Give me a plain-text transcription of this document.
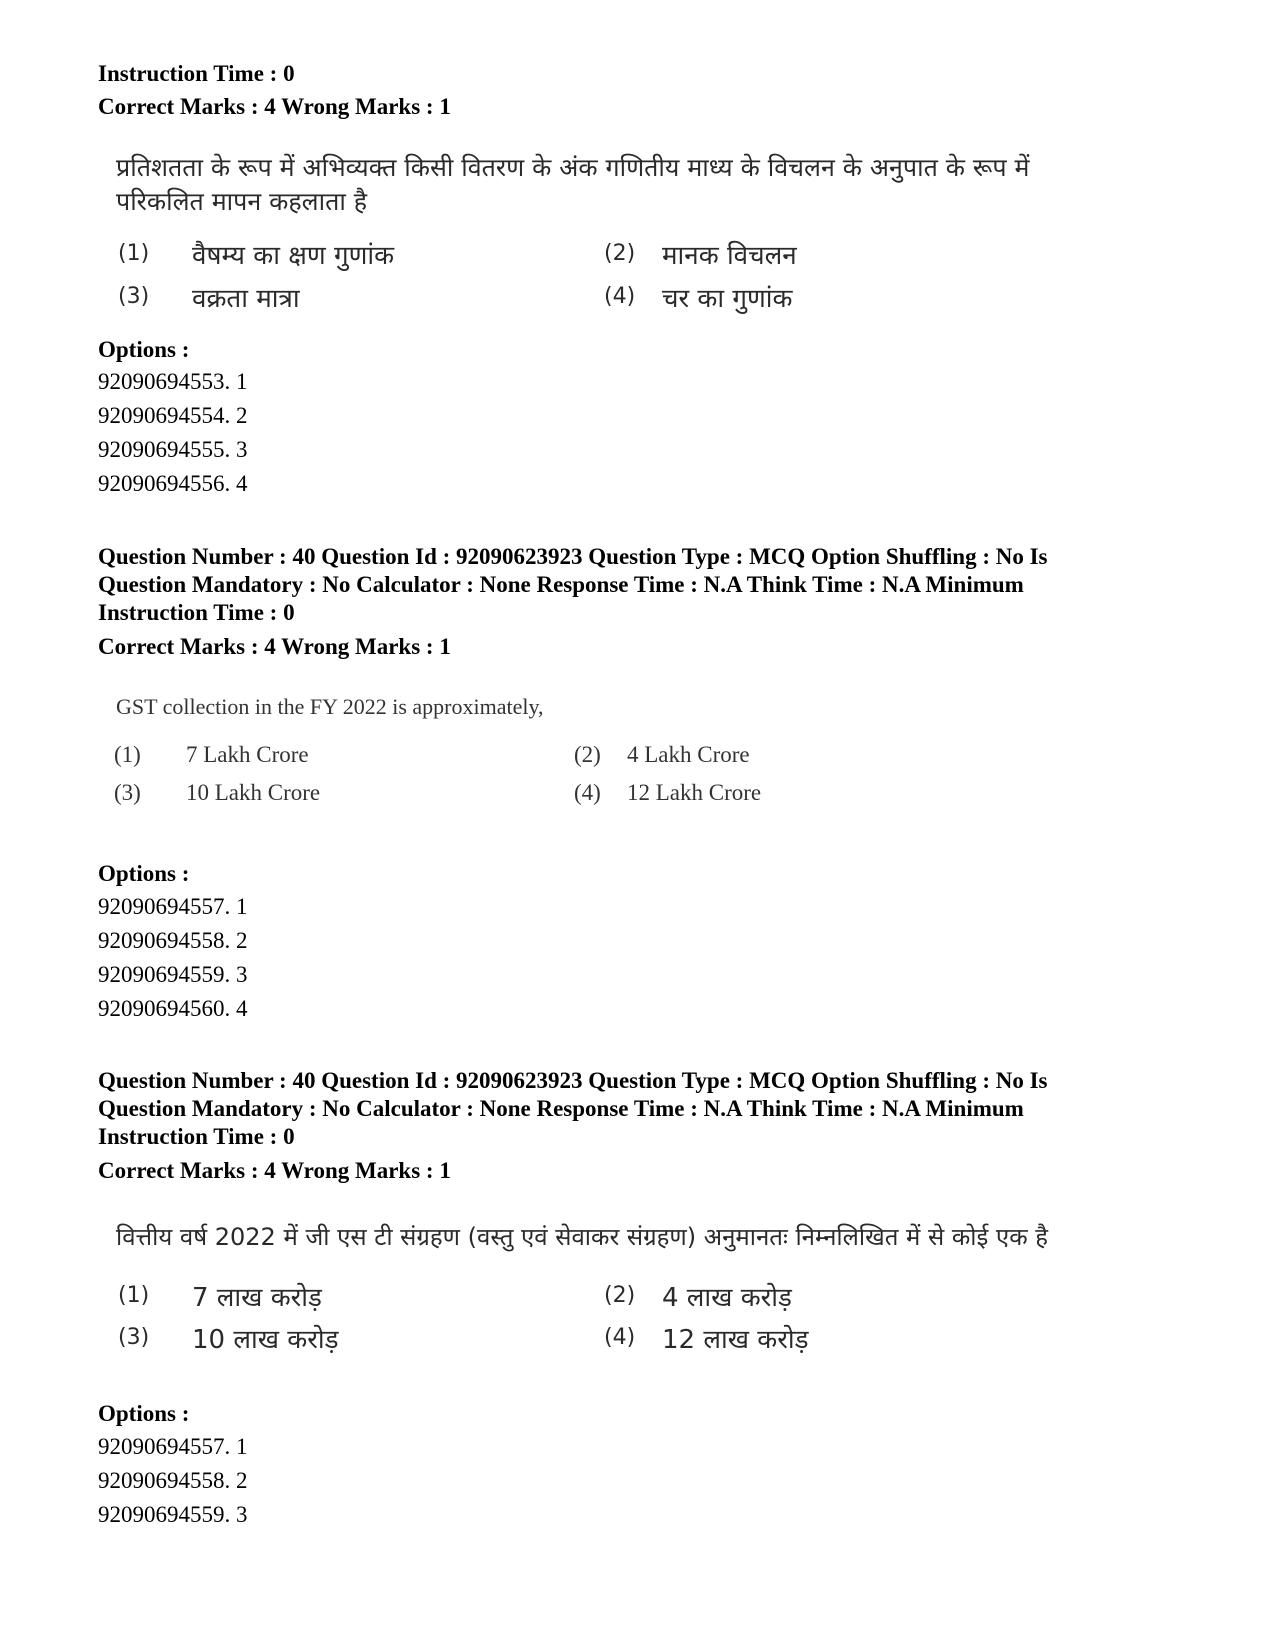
Instruction Time : 0
Correct Marks : 4 Wrong Marks : 1
प्रतिशतता के रूप में अभिव्यक्त किसी वितरण के अंक गणितीय माध्य के विचलन के अनुपात के रूप में
परिकलित मापन कहलाता है
(1) वैषम्य का क्षण गुणांक	(2) मानक विचलन
(3) वक्रता मात्रा	(4) चर का गुणांक
Options :
92090694553. 1
92090694554. 2
92090694555. 3
92090694556. 4
Question Number : 40 Question Id : 92090623923 Question Type : MCQ Option Shuffling : No Is
Question Mandatory : No Calculator : None Response Time : N.A Think Time : N.A Minimum
Instruction Time : 0
Correct Marks : 4 Wrong Marks : 1
GST collection in the FY 2022 is approximately,
(1) 7 Lakh Crore	(2) 4 Lakh Crore
(3) 10 Lakh Crore	(4) 12 Lakh Crore
Options :
92090694557. 1
92090694558. 2
92090694559. 3
92090694560. 4
Question Number : 40 Question Id : 92090623923 Question Type : MCQ Option Shuffling : No Is
Question Mandatory : No Calculator : None Response Time : N.A Think Time : N.A Minimum
Instruction Time : 0
Correct Marks : 4 Wrong Marks : 1
वित्तीय वर्ष 2022 में जी एस टी संग्रहण (वस्तु एवं सेवाकर संग्रहण) अनुमानतः निम्नलिखित में से कोई एक है
(1) 7 लाख करोड़	(2) 4 लाख करोड़
(3) 10 लाख करोड़	(4) 12 लाख करोड़
Options :
92090694557. 1
92090694558. 2
92090694559. 3
